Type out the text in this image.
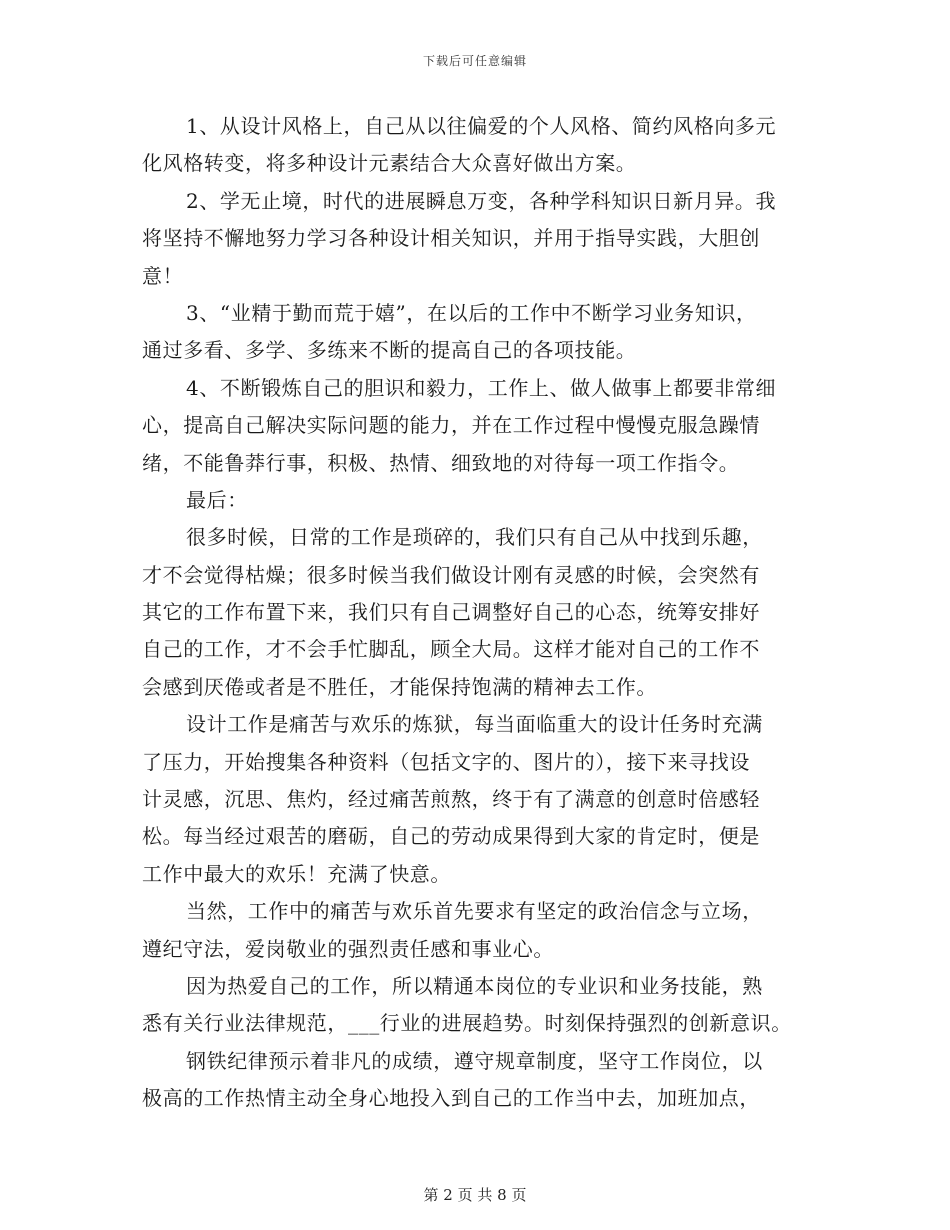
下载后可任意编辑
1、从设计风格上，自己从以往偏爱的个人风格、简约风格向多元
化风格转变，将多种设计元素结合大众喜好做出方案。
2、学无止境，时代的进展瞬息万变，各种学科知识日新月异。我
将坚持不懈地努力学习各种设计相关知识，并用于指导实践，大胆创
意！
3、“业精于勤而荒于嬉”，在以后的工作中不断学习业务知识，
通过多看、多学、多练来不断的提高自己的各项技能。
4、不断锻炼自己的胆识和毅力，工作上、做人做事上都要非常细
心，提高自己解决实际问题的能力，并在工作过程中慢慢克服急躁情
绪，不能鲁莽行事，积极、热情、细致地的对待每一项工作指令。
最后：
很多时候，日常的工作是琐碎的，我们只有自己从中找到乐趣，
才不会觉得枯燥；很多时候当我们做设计刚有灵感的时候，会突然有
其它的工作布置下来，我们只有自己调整好自己的心态，统筹安排好
自己的工作，才不会手忙脚乱，顾全大局。这样才能对自己的工作不
会感到厌倦或者是不胜任，才能保持饱满的精神去工作。
设计工作是痛苦与欢乐的炼狱，每当面临重大的设计任务时充满
了压力，开始搜集各种资料（包括文字的、图片的），接下来寻找设
计灵感，沉思、焦灼，经过痛苦煎熬，终于有了满意的创意时倍感轻
松。每当经过艰苦的磨砺，自己的劳动成果得到大家的肯定时，便是
工作中最大的欢乐！充满了快意。
当然，工作中的痛苦与欢乐首先要求有坚定的政治信念与立场，
遵纪守法，爱岗敬业的强烈责任感和事业心。
因为热爱自己的工作，所以精通本岗位的专业识和业务技能，熟
悉有关行业法律规范，___行业的进展趋势。时刻保持强烈的创新意识。
钢铁纪律预示着非凡的成绩，遵守规章制度，坚守工作岗位，以
极高的工作热情主动全身心地投入到自己的工作当中去，加班加点，
第 2 页 共 8 页
